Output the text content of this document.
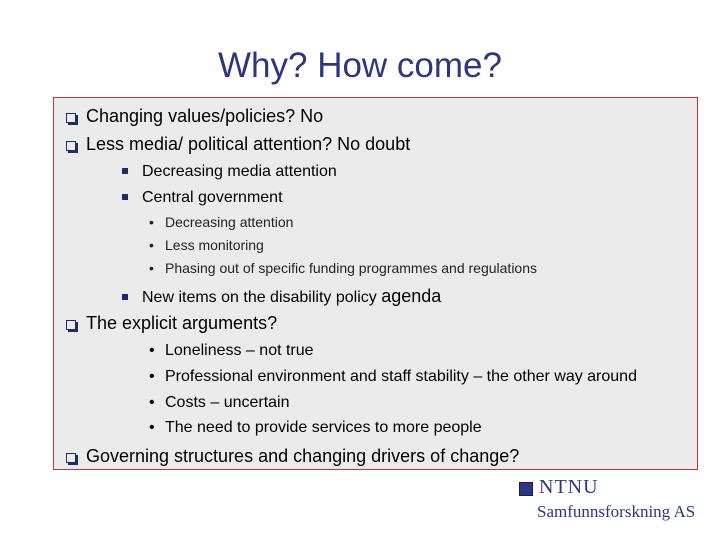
Why? How come?
Changing values/policies? No
Less media/ political attention? No doubt
Decreasing media attention
Central government
• Decreasing attention
• Less monitoring
• Phasing out of specific funding programmes and regulations
New items on the disability policy agenda
The explicit arguments?
• Loneliness – not true
• Professional environment and staff stability – the other way around
• Costs – uncertain
• The need to provide services to more people
Governing structures and changing drivers of change?
NTNU
Samfunnsforskning AS
